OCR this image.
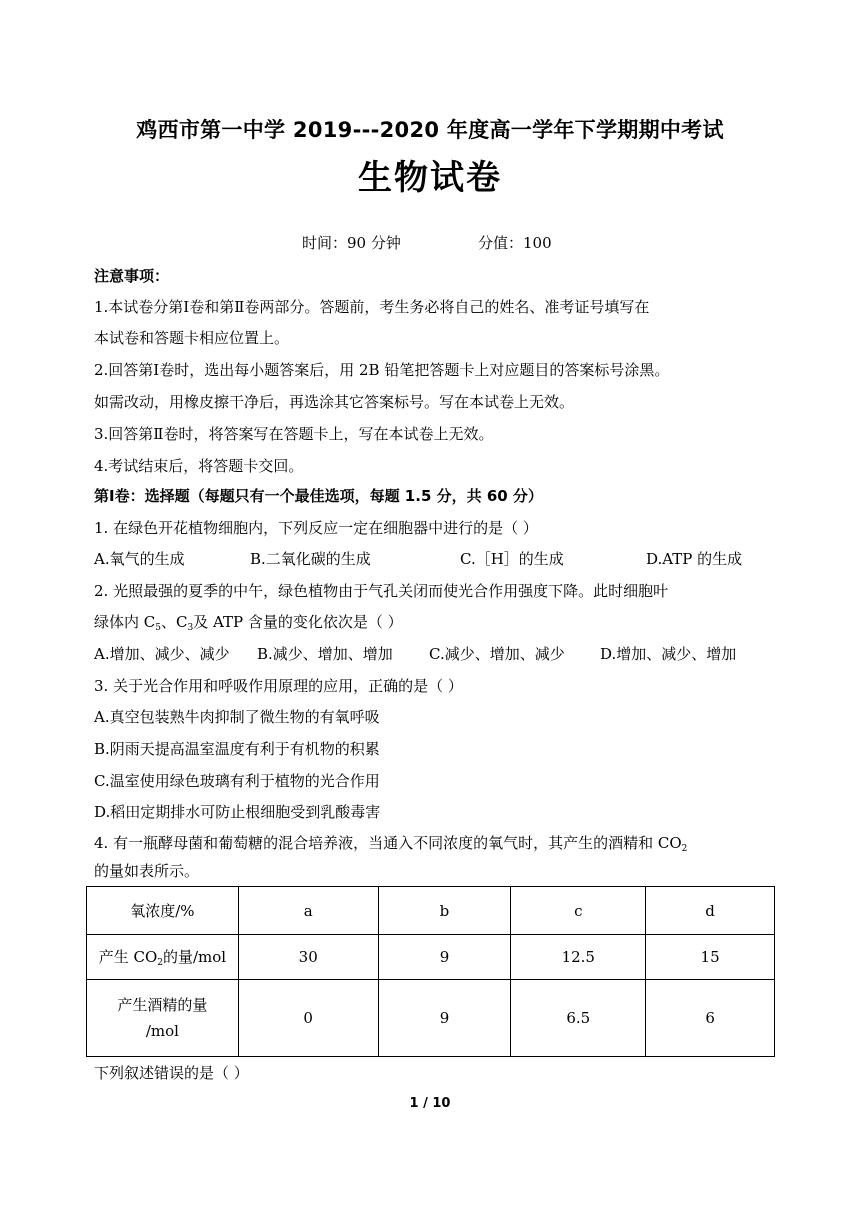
鸡西市第一中学 2019---2020 年度高一学年下学期期中考试
生物试卷
时间：90 分钟	分值：100
注意事项：
1.本试卷分第Ⅰ卷和第Ⅱ卷两部分。答题前，考生务必将自己的姓名、准考证号填写在
本试卷和答题卡相应位置上。
2.回答第Ⅰ卷时，选出每小题答案后，用 2B 铅笔把答题卡上对应题目的答案标号涂黑。
如需改动，用橡皮擦干净后，再选涂其它答案标号。写在本试卷上无效。
3.回答第Ⅱ卷时，将答案写在答题卡上，写在本试卷上无效。
4.考试结束后，将答题卡交回。
第Ⅰ卷：选择题（每题只有一个最佳选项，每题 1.5 分，共 60 分）
1. 在绿色开花植物细胞内，下列反应一定在细胞器中进行的是（ ）
A.氧气的生成	B.二氧化碳的生成	C.［H］的生成	D.ATP 的生成
2. 光照最强的夏季的中午，绿色植物由于气孔关闭而使光合作用强度下降。此时细胞叶
绿体内 $C_5$、$C_3$及 ATP 含量的变化依次是（ ）
A.增加、减少、减少 B.减少、增加、增加 C.减少、增加、减少 D.增加、减少、增加
3. 关于光合作用和呼吸作用原理的应用，正确的是（ ）
A.真空包装熟牛肉抑制了微生物的有氧呼吸
B.阴雨天提高温室温度有利于有机物的积累
C.温室使用绿色玻璃有利于植物的光合作用
D.稻田定期排水可防止根细胞受到乳酸毒害
4. 有一瓶酵母菌和葡萄糖的混合培养液，当通入不同浓度的氧气时，其产生的酒精和 $CO_2$
的量如表所示。
氧浓度/%	a	b	c	d
产生 $CO_2$的量/mol	30	9	12.5	15

产生酒精的量
/mol	0	9	6.5	6
下列叙述错误的是（ ）
1 / 10
